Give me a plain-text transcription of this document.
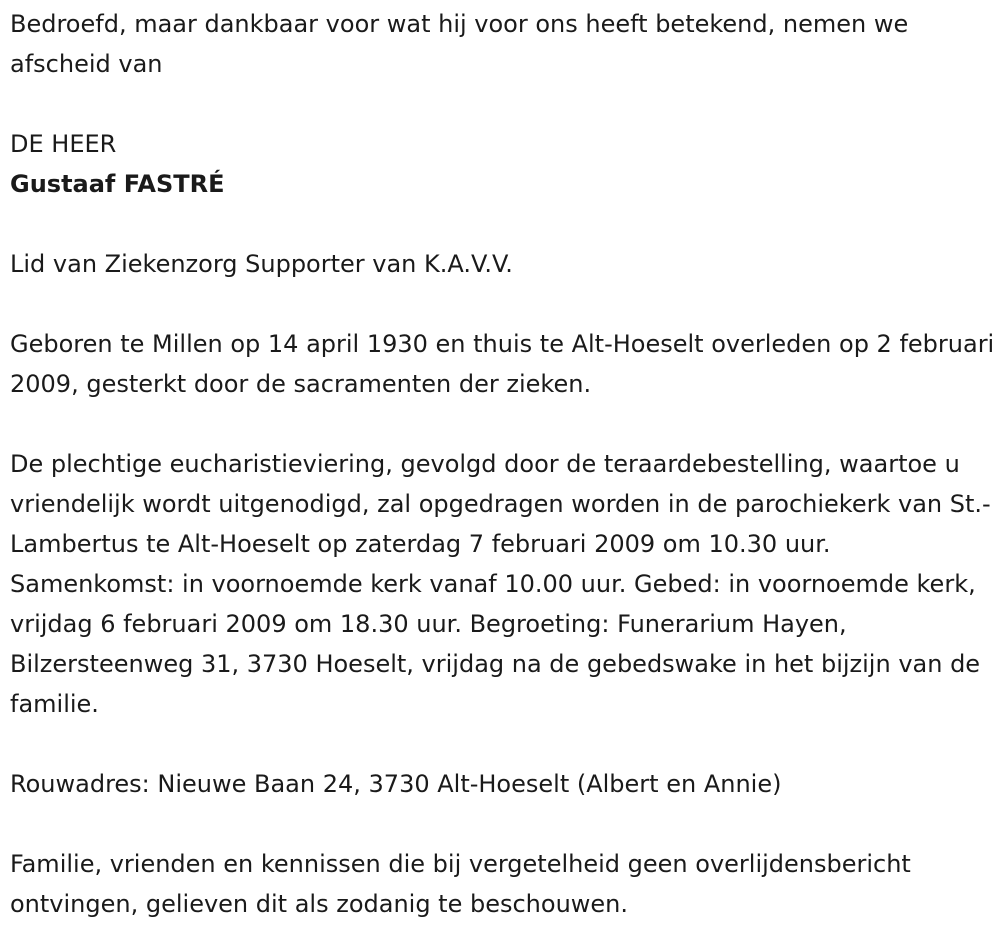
Bedroefd, maar dankbaar voor wat hij voor ons heeft betekend, nemen we afscheid van

DE HEER

Gustaaf FASTRÉ

Lid van Ziekenzorg Supporter van K.A.V.V.

Geboren te Millen op 14 april 1930 en thuis te Alt-Hoeselt overleden op 2 februari 2009, gesterkt door de sacramenten der zieken.

De plechtige eucharistieviering, gevolgd door de teraardebestelling, waartoe u vriendelijk wordt uitgenodigd, zal opgedragen worden in de parochiekerk van St.-Lambertus te Alt-Hoeselt op zaterdag 7 februari 2009 om 10.30 uur. Samenkomst: in voornoemde kerk vanaf 10.00 uur. Gebed: in voornoemde kerk, vrijdag 6 februari 2009 om 18.30 uur. Begroeting: Funerarium Hayen, Bilzersteenweg 31, 3730 Hoeselt, vrijdag na de gebedswake in het bijzijn van de familie.

Rouwadres: Nieuwe Baan 24, 3730 Alt-Hoeselt (Albert en Annie)

Familie, vrienden en kennissen die bij vergetelheid geen overlijdensbericht ontvingen, gelieven dit als zodanig te beschouwen.
